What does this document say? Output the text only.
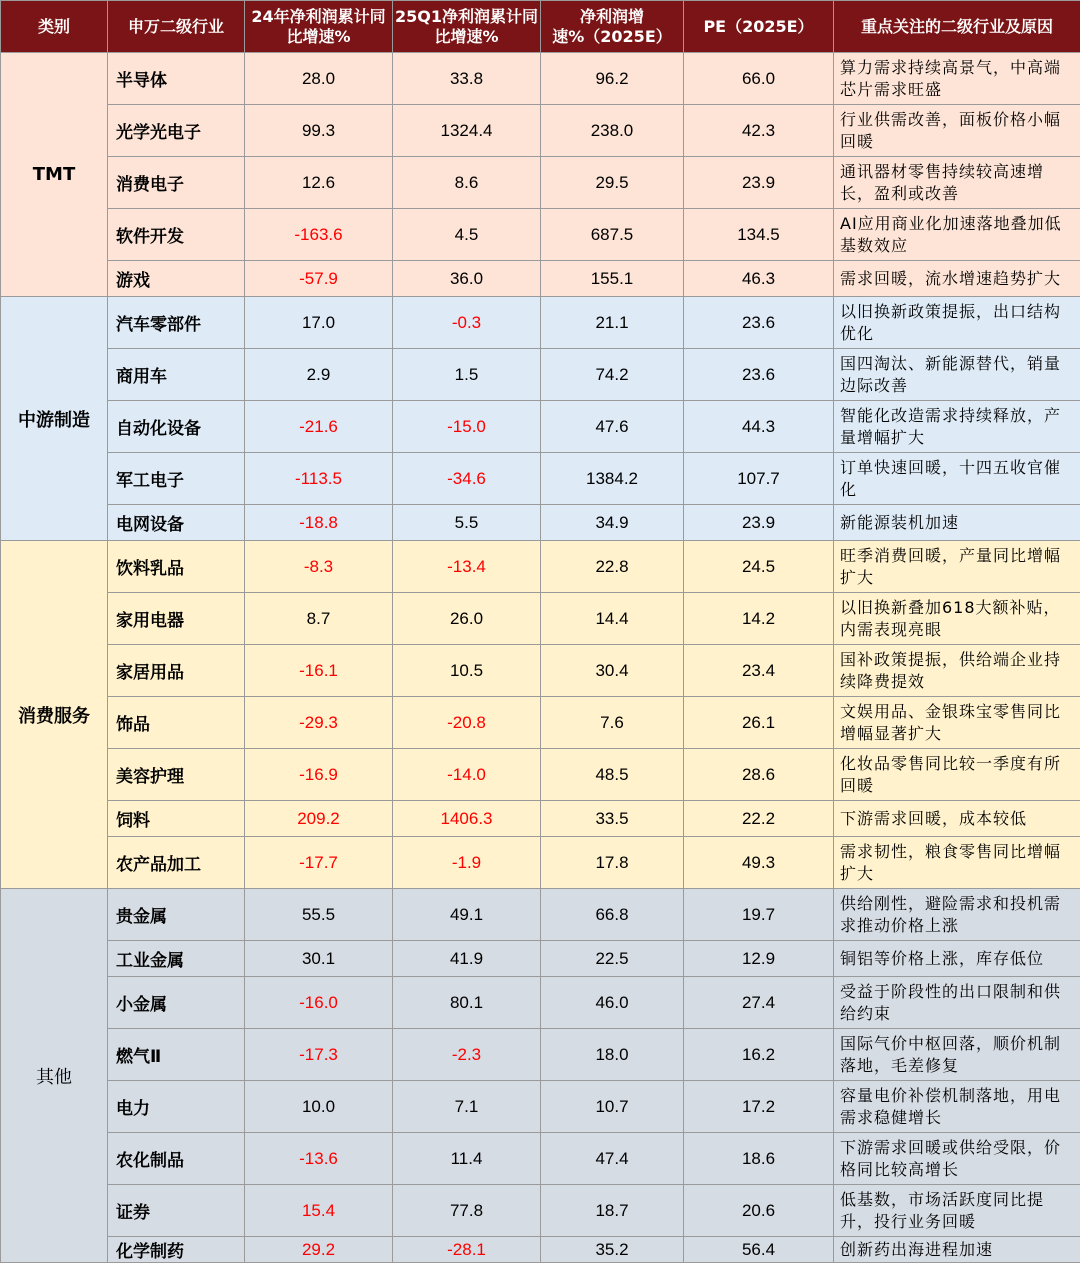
类别	申万二级行业	24年净利润累计同比增速%	25Q1净利润累计同比增速%	净利润增速%（2025E）	PE（2025E）	重点关注的二级行业及原因
TMT	半导体	28.0	33.8	96.2	66.0	算力需求持续高景气，中高端芯片需求旺盛

	光学光电子	99.3	1324.4	238.0	42.3	行业供需改善，面板价格小幅回暖

	消费电子	12.6	8.6	29.5	23.9	通讯器材零售持续较高速增长，盈利或改善

	软件开发	-163.6	4.5	687.5	134.5	AI应用商业化加速落地叠加低基数效应

	游戏	-57.9	36.0	155.1	46.3	需求回暖，流水增速趋势扩大

中游制造	汽车零部件	17.0	-0.3	21.1	23.6	以旧换新政策提振，出口结构优化

	商用车	2.9	1.5	74.2	23.6	国四淘汰、新能源替代，销量边际改善

	自动化设备	-21.6	-15.0	47.6	44.3	智能化改造需求持续释放，产量增幅扩大

	军工电子	-113.5	-34.6	1384.2	107.7	订单快速回暖，十四五收官催化

	电网设备	-18.8	5.5	34.9	23.9	新能源装机加速

消费服务	饮料乳品	-8.3	-13.4	22.8	24.5	旺季消费回暖，产量同比增幅扩大

	家用电器	8.7	26.0	14.4	14.2	以旧换新叠加618大额补贴，内需表现亮眼

	家居用品	-16.1	10.5	30.4	23.4	国补政策提振，供给端企业持续降费提效

	饰品	-29.3	-20.8	7.6	26.1	文娱用品、金银珠宝零售同比增幅显著扩大

	美容护理	-16.9	-14.0	48.5	28.6	化妆品零售同比较一季度有所回暖

	饲料	209.2	1406.3	33.5	22.2	下游需求回暖，成本较低

	农产品加工	-17.7	-1.9	17.8	49.3	需求韧性，粮食零售同比增幅扩大

其他	贵金属	55.5	49.1	66.8	19.7	供给刚性，避险需求和投机需求推动价格上涨

	工业金属	30.1	41.9	22.5	12.9	铜铝等价格上涨，库存低位

	小金属	-16.0	80.1	46.0	27.4	受益于阶段性的出口限制和供给约束

	燃气Ⅱ	-17.3	-2.3	18.0	16.2	国际气价中枢回落，顺价机制落地，毛差修复

	电力	10.0	7.1	10.7	17.2	容量电价补偿机制落地，用电需求稳健增长

	农化制品	-13.6	11.4	47.4	18.6	下游需求回暖或供给受限，价格同比较高增长

	证券	15.4	77.8	18.7	20.6	低基数，市场活跃度同比提升，投行业务回暖

	化学制药	29.2	-28.1	35.2	56.4	创新药出海进程加速
